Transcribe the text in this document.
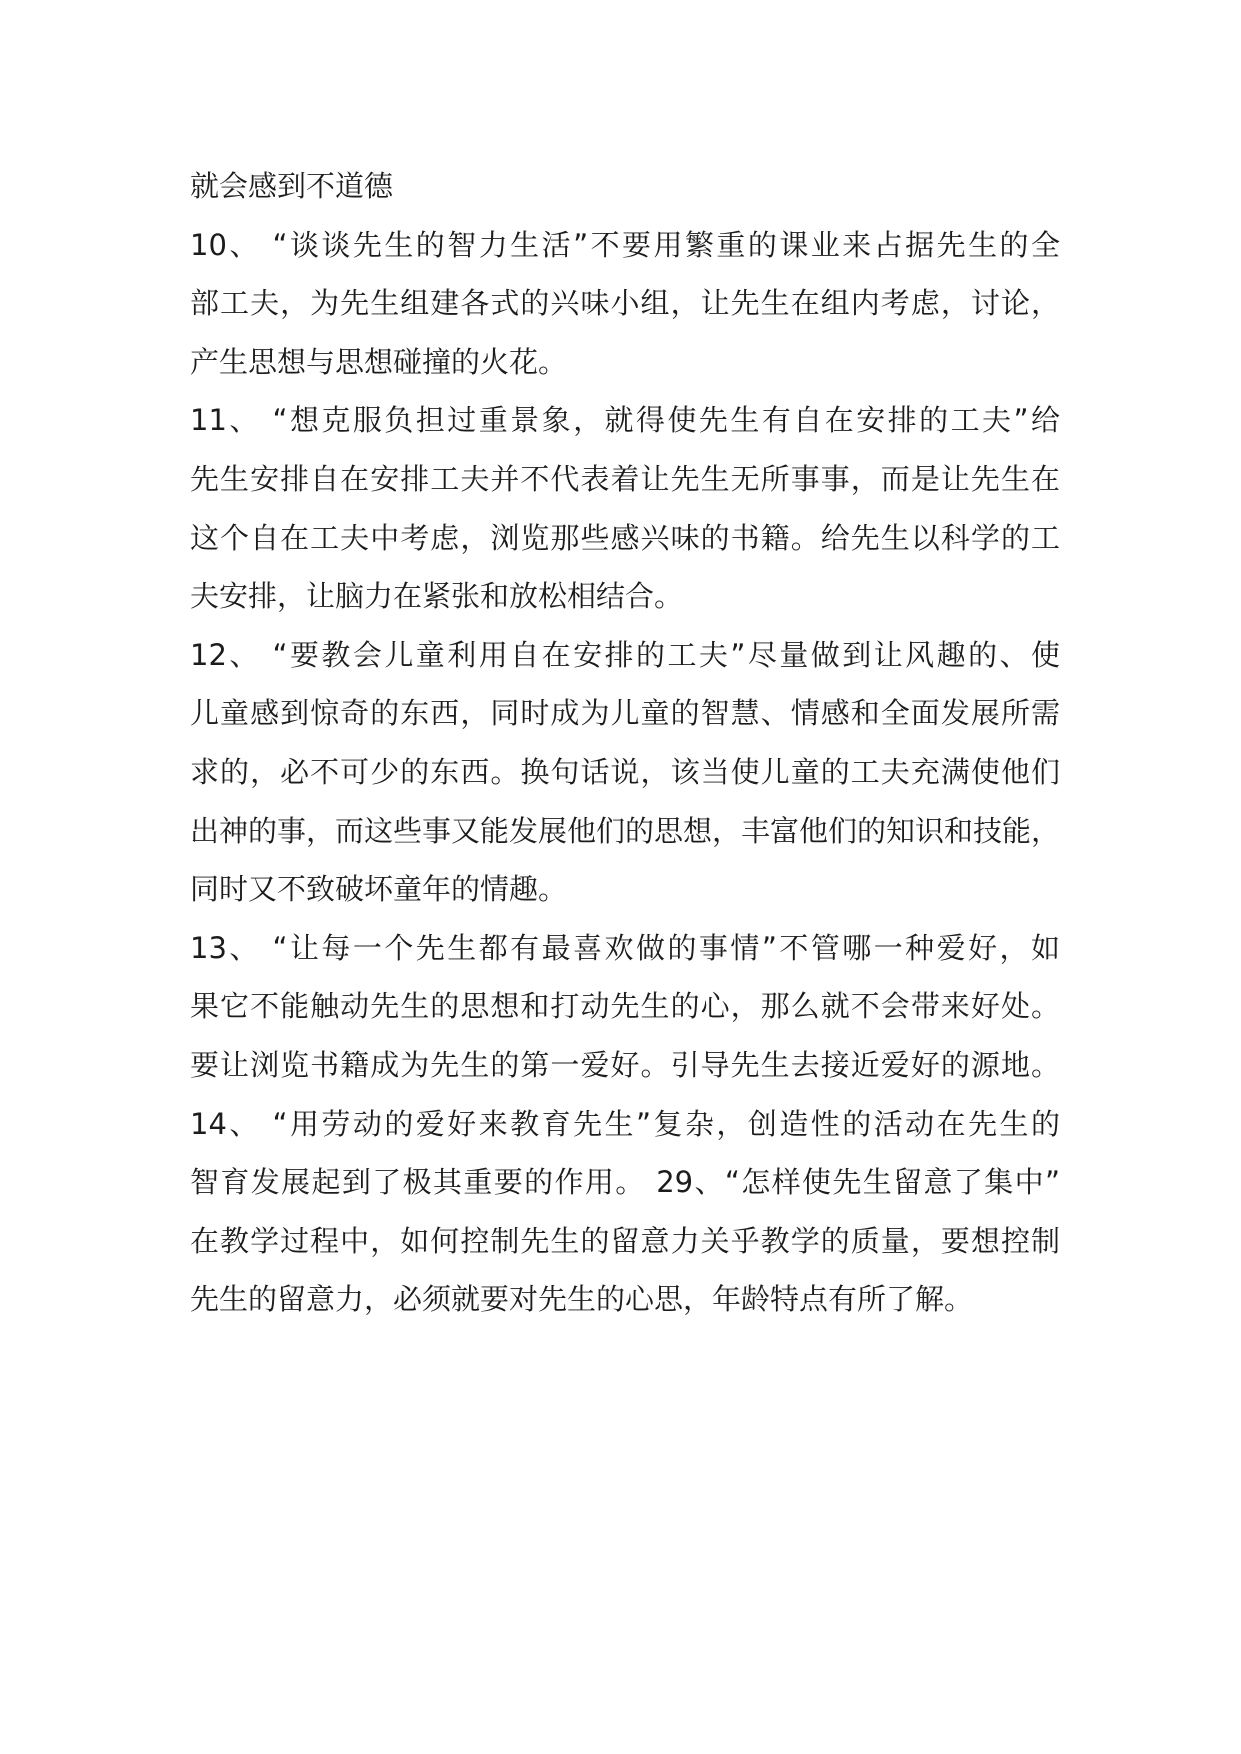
就会感到不道德
10、 “谈谈先生的智力生活”不要用繁重的课业来占据先生的全
部工夫，为先生组建各式的兴味小组，让先生在组内考虑，讨论，
产生思想与思想碰撞的火花。
11、 “想克服负担过重景象，就得使先生有自在安排的工夫”给
先生安排自在安排工夫并不代表着让先生无所事事，而是让先生在
这个自在工夫中考虑，浏览那些感兴味的书籍。给先生以科学的工
夫安排，让脑力在紧张和放松相结合。
12、 “要教会儿童利用自在安排的工夫”尽量做到让风趣的、使
儿童感到惊奇的东西，同时成为儿童的智慧、情感和全面发展所需
求的，必不可少的东西。换句话说，该当使儿童的工夫充满使他们
出神的事，而这些事又能发展他们的思想，丰富他们的知识和技能，
同时又不致破坏童年的情趣。
13、 “让每一个先生都有最喜欢做的事情”不管哪一种爱好，如
果它不能触动先生的思想和打动先生的心，那么就不会带来好处。
要让浏览书籍成为先生的第一爱好。引导先生去接近爱好的源地。
14、 “用劳动的爱好来教育先生”复杂，创造性的活动在先生的
智育发展起到了极其重要的作用。 29、“怎样使先生留意了集中”
在教学过程中，如何控制先生的留意力关乎教学的质量，要想控制
先生的留意力，必须就要对先生的心思，年龄特点有所了解。
